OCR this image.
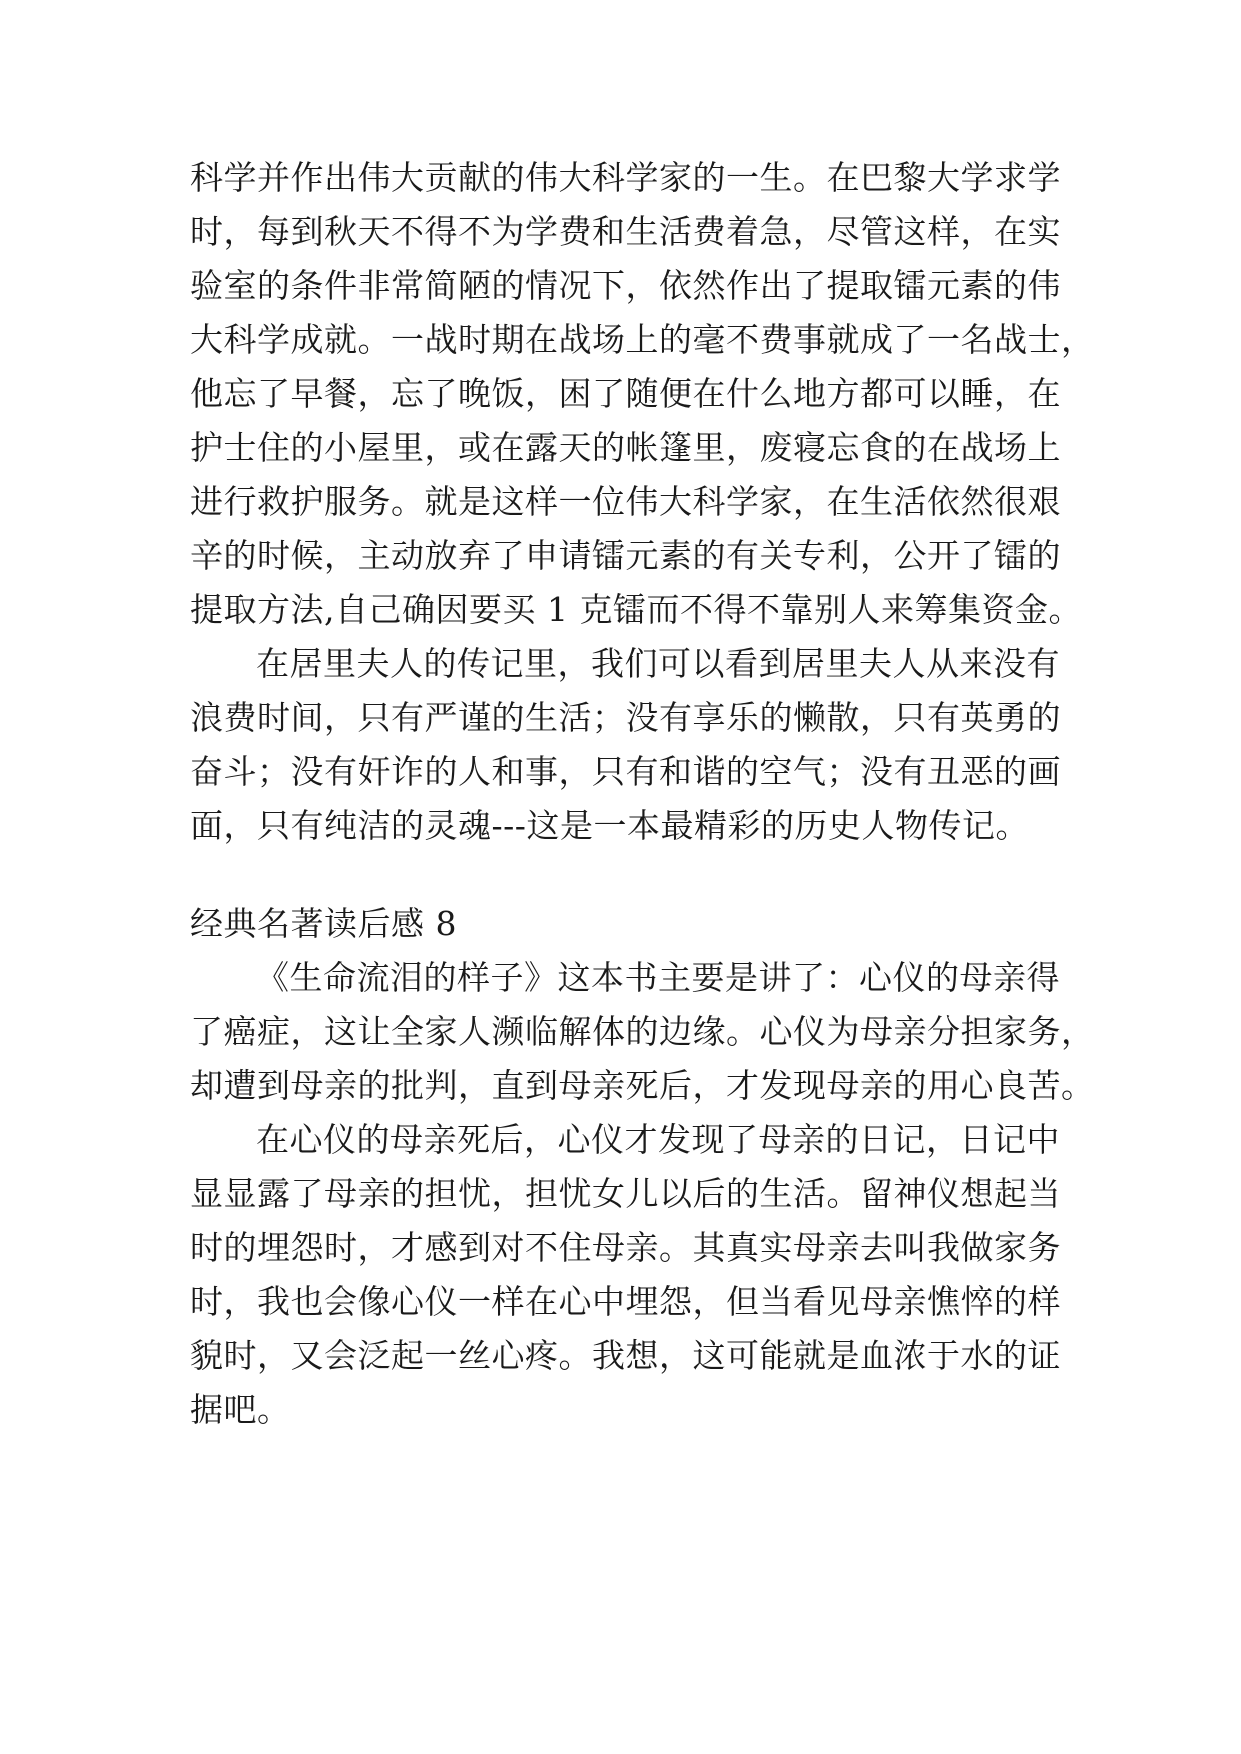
科学并作出伟大贡献的伟大科学家的一生。在巴黎大学求学
时，每到秋天不得不为学费和生活费着急，尽管这样，在实
验室的条件非常简陋的情况下，依然作出了提取镭元素的伟
大科学成就。一战时期在战场上的毫不费事就成了一名战士，
他忘了早餐，忘了晚饭，困了随便在什么地方都可以睡，在
护士住的小屋里，或在露天的帐篷里，废寝忘食的在战场上
进行救护服务。就是这样一位伟大科学家，在生活依然很艰
辛的时候，主动放弃了申请镭元素的有关专利，公开了镭的
提取方法,自己确因要买 1 克镭而不得不靠别人来筹集资金。
在居里夫人的传记里，我们可以看到居里夫人从来没有
浪费时间，只有严谨的生活；没有享乐的懒散，只有英勇的
奋斗；没有奸诈的人和事，只有和谐的空气；没有丑恶的画
面，只有纯洁的灵魂---这是一本最精彩的历史人物传记。
经典名著读后感 8
《生命流泪的样子》这本书主要是讲了：心仪的母亲得
了癌症，这让全家人濒临解体的边缘。心仪为母亲分担家务，
却遭到母亲的批判，直到母亲死后，才发现母亲的用心良苦。
在心仪的母亲死后，心仪才发现了母亲的日记，日记中
显显露了母亲的担忧，担忧女儿以后的生活。留神仪想起当
时的埋怨时，才感到对不住母亲。其真实母亲去叫我做家务
时，我也会像心仪一样在心中埋怨，但当看见母亲憔悴的样
貌时，又会泛起一丝心疼。我想，这可能就是血浓于水的证
据吧。
